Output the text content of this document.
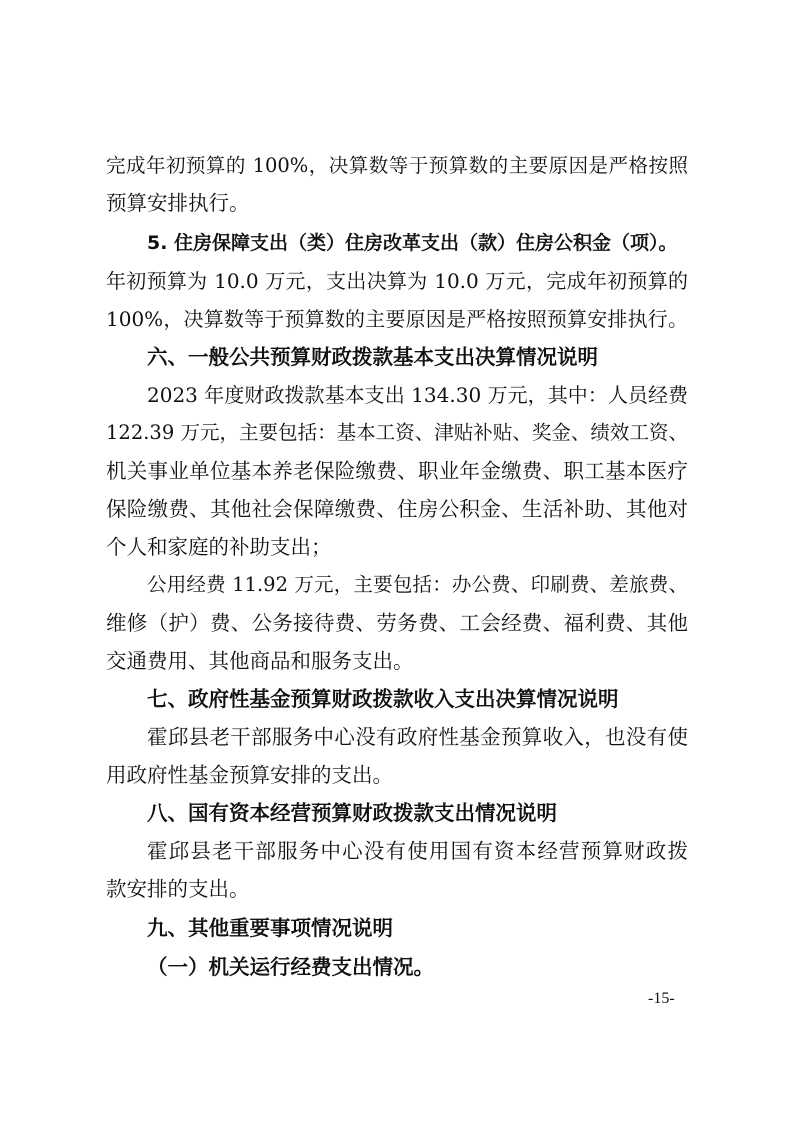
完成年初预算的 100%，决算数等于预算数的主要原因是严格按照
预算安排执行。
5. 住房保障支出（类）住房改革支出（款）住房公积金（项）。
年初预算为 10.0 万元，支出决算为 10.0 万元，完成年初预算的
100%，决算数等于预算数的主要原因是严格按照预算安排执行。
六、一般公共预算财政拨款基本支出决算情况说明
2023 年度财政拨款基本支出 134.30 万元，其中：人员经费
122.39 万元，主要包括：基本工资、津贴补贴、奖金、绩效工资、
机关事业单位基本养老保险缴费、职业年金缴费、职工基本医疗
保险缴费、其他社会保障缴费、住房公积金、生活补助、其他对
个人和家庭的补助支出；
公用经费 11.92 万元，主要包括：办公费、印刷费、差旅费、
维修（护）费、公务接待费、劳务费、工会经费、福利费、其他
交通费用、其他商品和服务支出。
七、政府性基金预算财政拨款收入支出决算情况说明
霍邱县老干部服务中心没有政府性基金预算收入，也没有使
用政府性基金预算安排的支出。
八、国有资本经营预算财政拨款支出情况说明
霍邱县老干部服务中心没有使用国有资本经营预算财政拨
款安排的支出。
九、其他重要事项情况说明
（一）机关运行经费支出情况。
-15-
